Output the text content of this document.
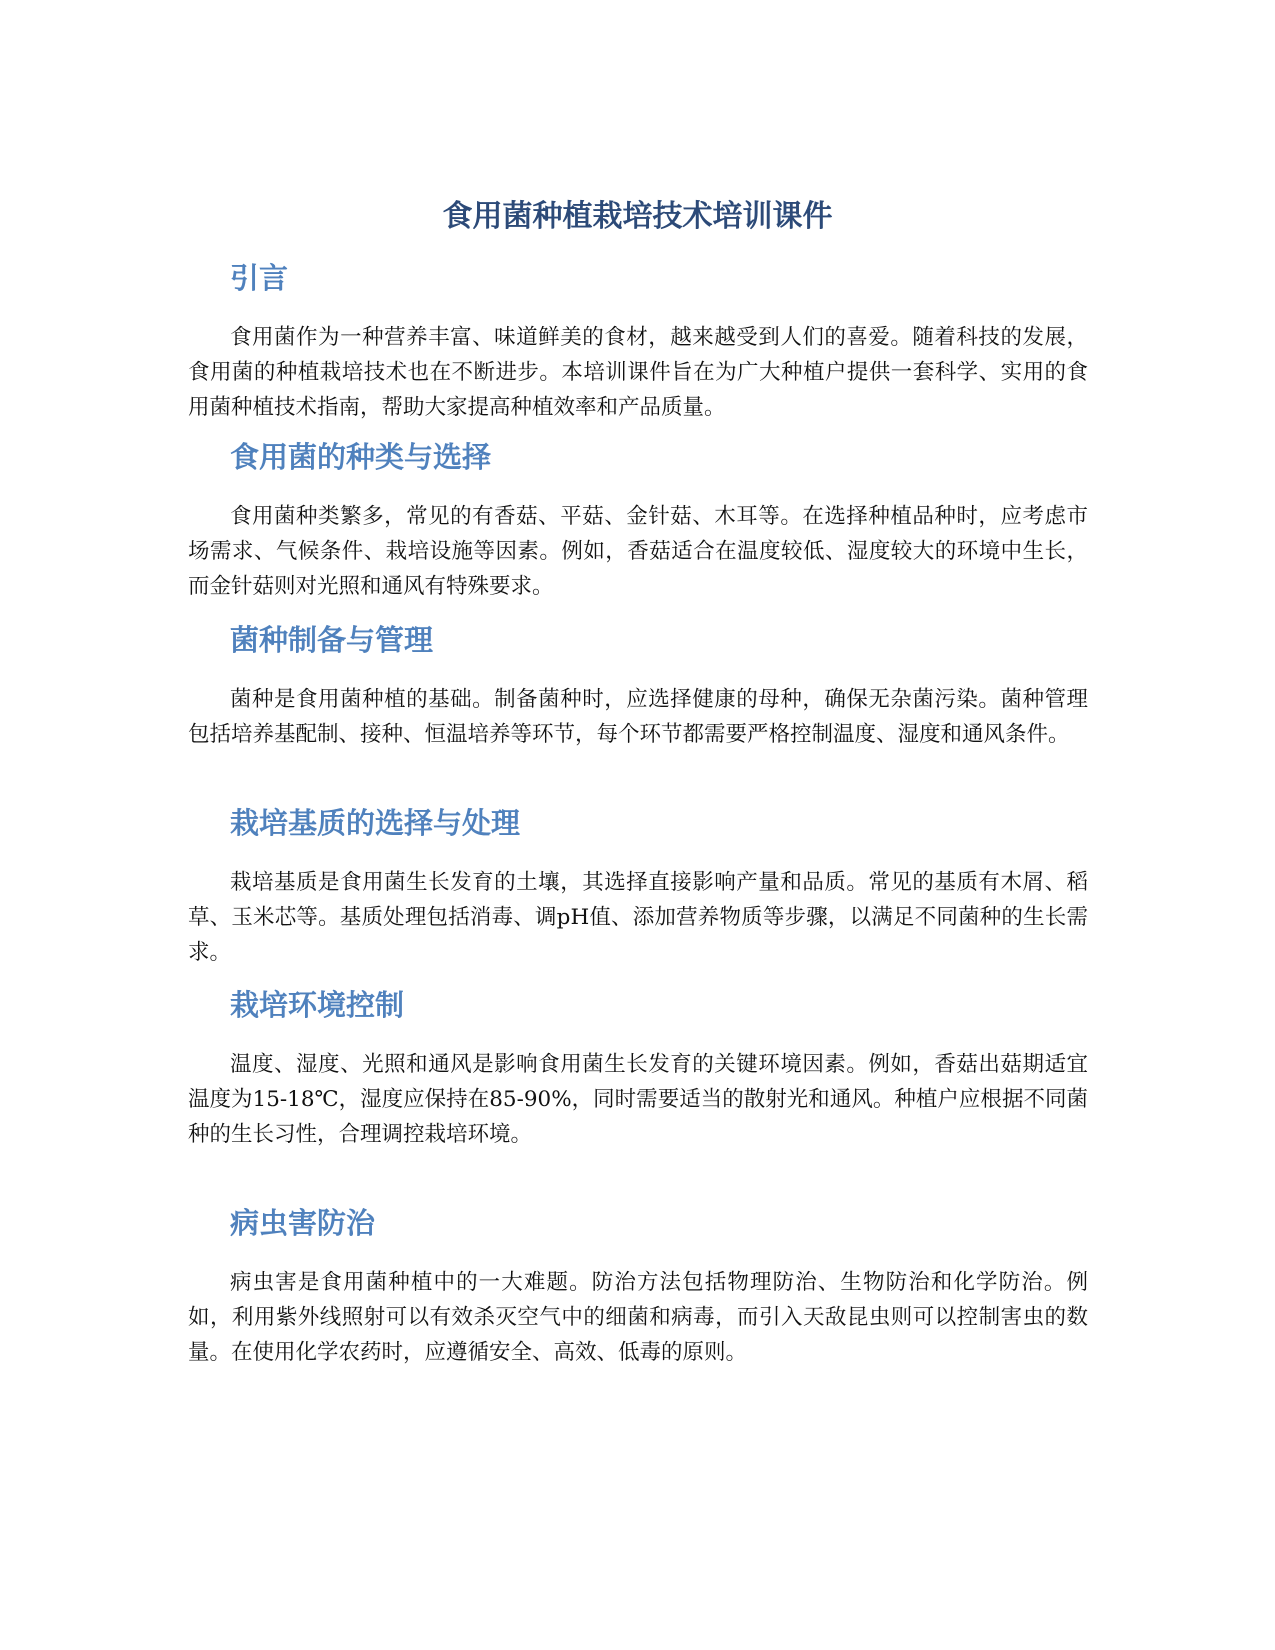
食用菌种植栽培技术培训课件
引言

食用菌作为一种营养丰富、味道鲜美的食材，越来越受到人们的喜爱。随着科技的发展，食用菌的种植栽培技术也在不断进步。本培训课件旨在为广大种植户提供一套科学、实用的食用菌种植技术指南，帮助大家提高种植效率和产品质量。

食用菌的种类与选择

食用菌种类繁多，常见的有香菇、平菇、金针菇、木耳等。在选择种植品种时，应考虑市场需求、气候条件、栽培设施等因素。例如，香菇适合在温度较低、湿度较大的环境中生长，而金针菇则对光照和通风有特殊要求。

菌种制备与管理

菌种是食用菌种植的基础。制备菌种时，应选择健康的母种，确保无杂菌污染。菌种管理包括培养基配制、接种、恒温培养等环节，每个环节都需要严格控制温度、湿度和通风条件。

栽培基质的选择与处理

栽培基质是食用菌生长发育的土壤，其选择直接影响产量和品质。常见的基质有木屑、稻草、玉米芯等。基质处理包括消毒、调pH值、添加营养物质等步骤，以满足不同菌种的生长需求。

栽培环境控制

温度、湿度、光照和通风是影响食用菌生长发育的关键环境因素。例如，香菇出菇期适宜温度为15-18℃，湿度应保持在85-90%，同时需要适当的散射光和通风。种植户应根据不同菌种的生长习性，合理调控栽培环境。

病虫害防治

病虫害是食用菌种植中的一大难题。防治方法包括物理防治、生物防治和化学防治。例如，利用紫外线照射可以有效杀灭空气中的细菌和病毒，而引入天敌昆虫则可以控制害虫的数量。在使用化学农药时，应遵循安全、高效、低毒的原则。
